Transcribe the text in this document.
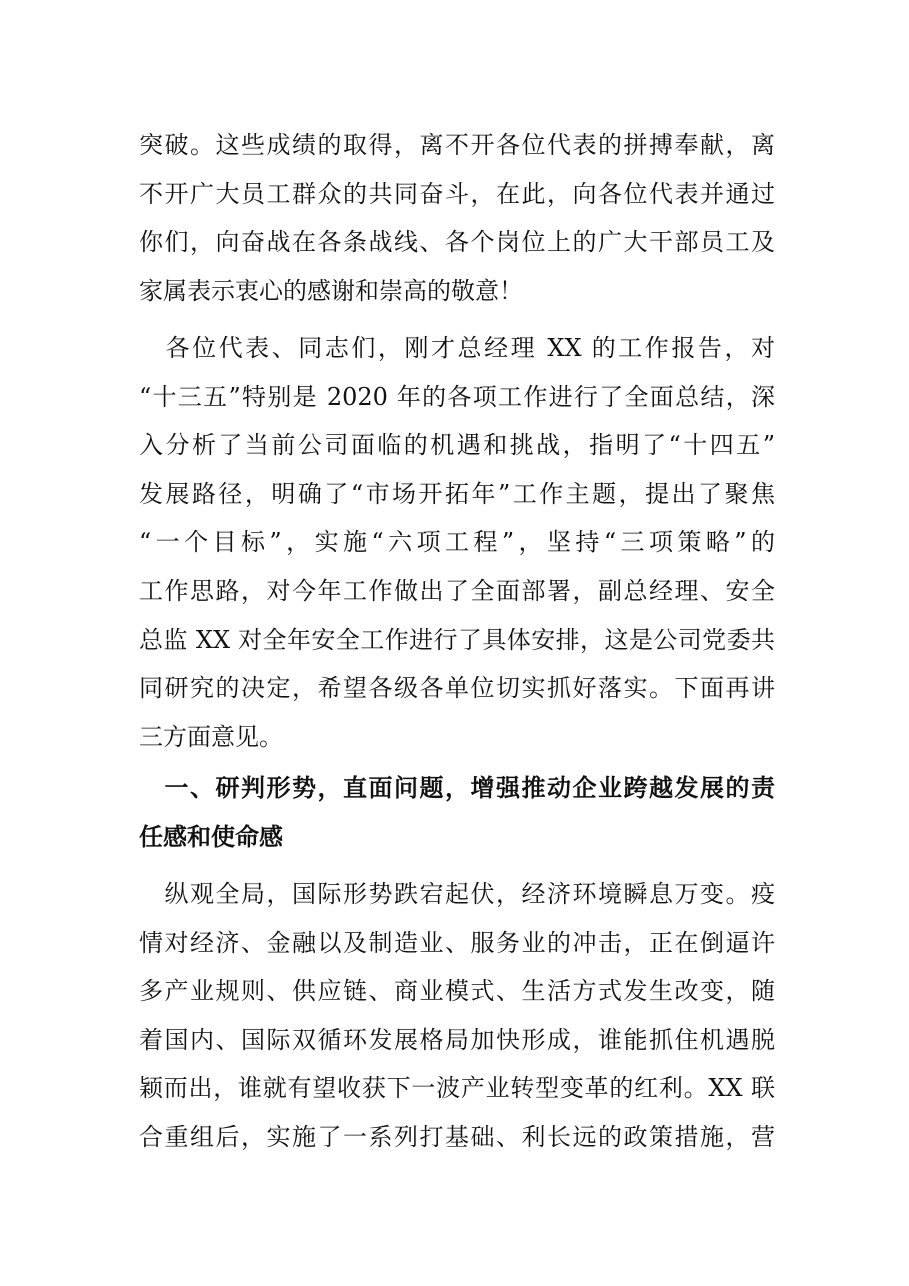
突破。这些成绩的取得，离不开各位代表的拼搏奉献，离
不开广大员工群众的共同奋斗，在此，向各位代表并通过
你们，向奋战在各条战线、各个岗位上的广大干部员工及
家属表示衷心的感谢和崇高的敬意！
　各位代表、同志们，刚才总经理 XX 的工作报告，对
“十三五”特别是 2020 年的各项工作进行了全面总结，深
入分析了当前公司面临的机遇和挑战，指明了“十四五”
发展路径，明确了“市场开拓年”工作主题，提出了聚焦
“一个目标”，实施“六项工程”，坚持“三项策略”的
工作思路，对今年工作做出了全面部署，副总经理、安全
总监 XX 对全年安全工作进行了具体安排，这是公司党委共
同研究的决定，希望各级各单位切实抓好落实。下面再讲
三方面意见。
　一、研判形势，直面问题，增强推动企业跨越发展的责
任感和使命感
　纵观全局，国际形势跌宕起伏，经济环境瞬息万变。疫
情对经济、金融以及制造业、服务业的冲击，正在倒逼许
多产业规则、供应链、商业模式、生活方式发生改变，随
着国内、国际双循环发展格局加快形成，谁能抓住机遇脱
颖而出，谁就有望收获下一波产业转型变革的红利。XX 联
合重组后，实施了一系列打基础、利长远的政策措施，营
